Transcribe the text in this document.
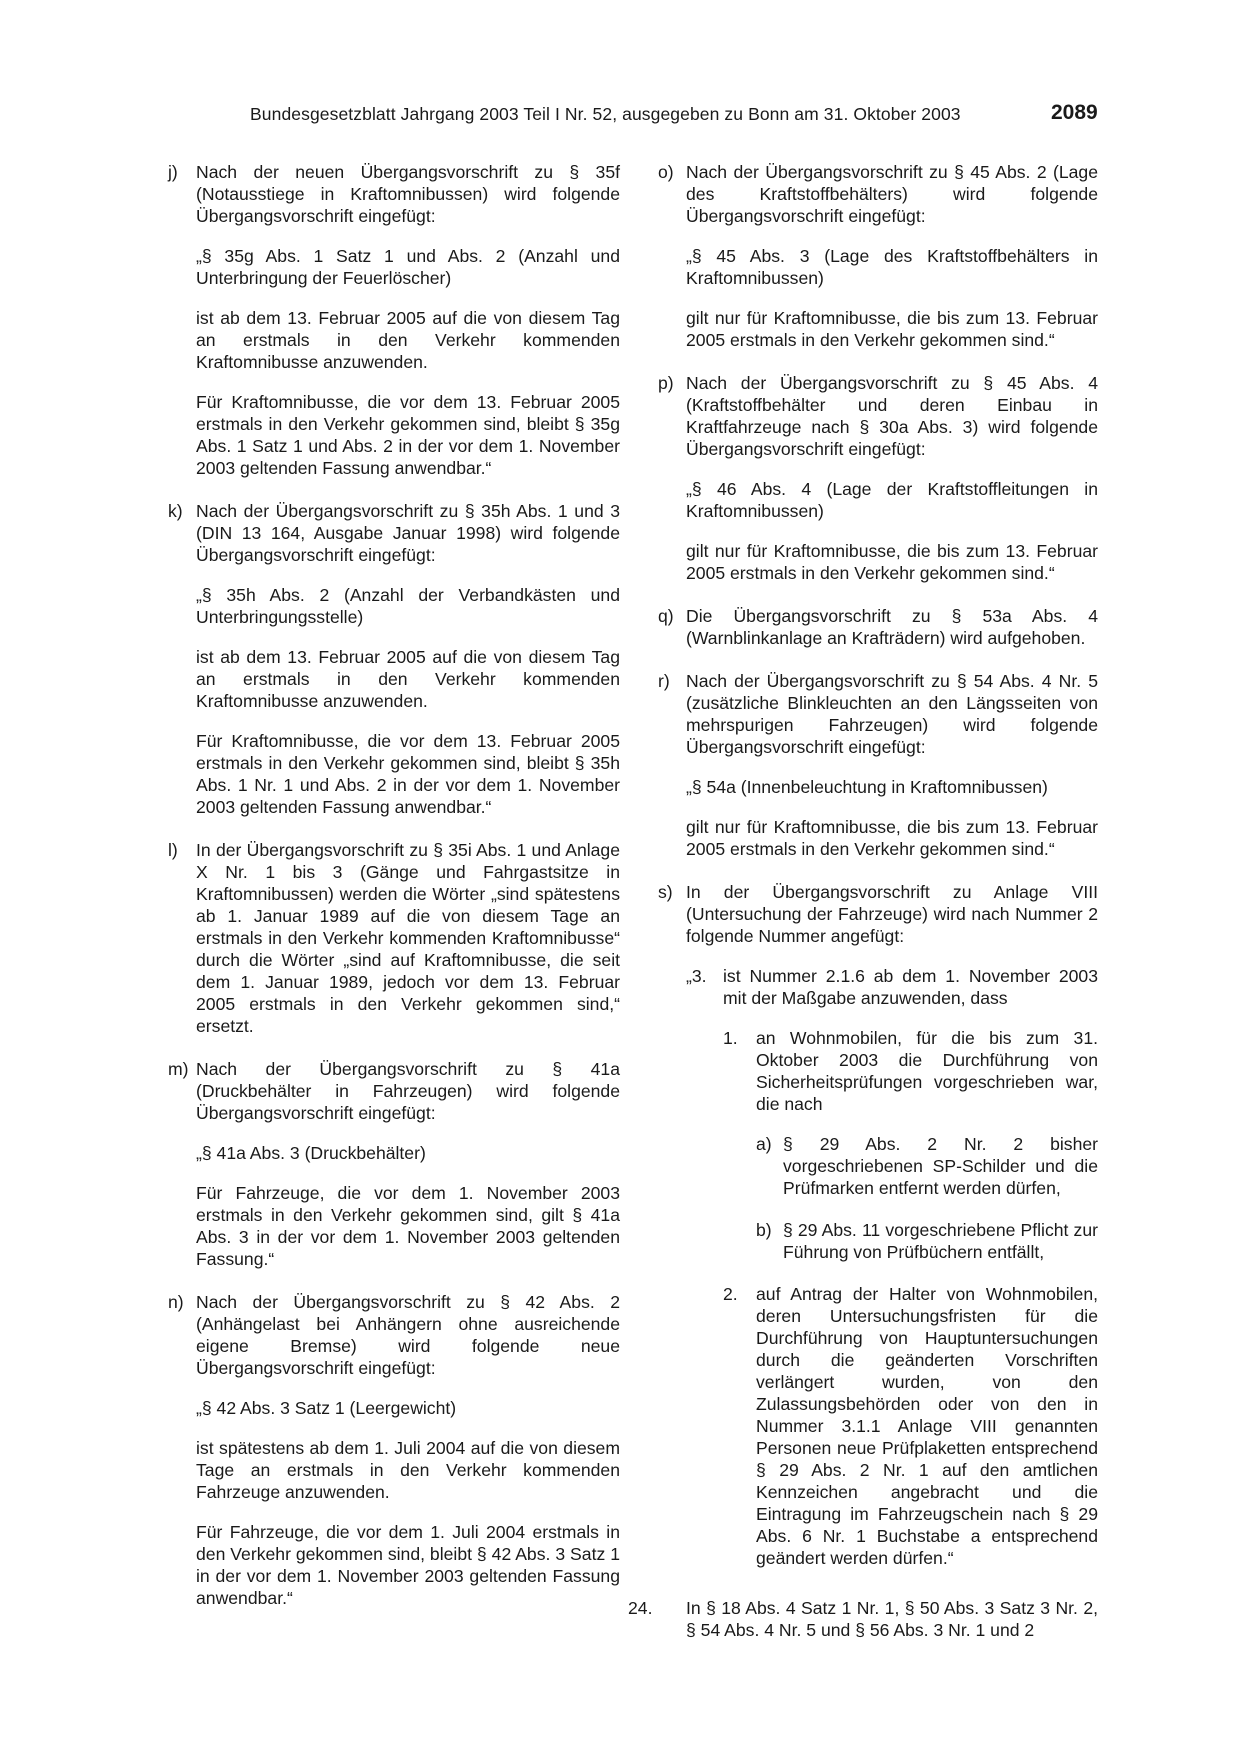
Bundesgesetzblatt Jahrgang 2003 Teil I Nr. 52, ausgegeben zu Bonn am 31. Oktober 2003	2089
j) Nach der neuen Übergangsvorschrift zu § 35f (Notausstiege in Kraftomnibussen) wird folgende Übergangsvorschrift eingefügt:

„§ 35g Abs. 1 Satz 1 und Abs. 2 (Anzahl und Unterbringung der Feuerlöscher)

ist ab dem 13. Februar 2005 auf die von diesem Tag an erstmals in den Verkehr kommenden Kraftomnibusse anzuwenden.

Für Kraftomnibusse, die vor dem 13. Februar 2005 erstmals in den Verkehr gekommen sind, bleibt § 35g Abs. 1 Satz 1 und Abs. 2 in der vor dem 1. November 2003 geltenden Fassung anwendbar.“

k) Nach der Übergangsvorschrift zu § 35h Abs. 1 und 3 (DIN 13 164, Ausgabe Januar 1998) wird folgende Übergangsvorschrift eingefügt:

„§ 35h Abs. 2 (Anzahl der Verbandkästen und Unterbringungsstelle)

ist ab dem 13. Februar 2005 auf die von diesem Tag an erstmals in den Verkehr kommenden Kraftomnibusse anzuwenden.

Für Kraftomnibusse, die vor dem 13. Februar 2005 erstmals in den Verkehr gekommen sind, bleibt § 35h Abs. 1 Nr. 1 und Abs. 2 in der vor dem 1. November 2003 geltenden Fassung anwendbar.“

l) In der Übergangsvorschrift zu § 35i Abs. 1 und Anlage X Nr. 1 bis 3 (Gänge und Fahrgastsitze in Kraftomnibussen) werden die Wörter „sind spätestens ab 1. Januar 1989 auf die von diesem Tage an erstmals in den Verkehr kommenden Kraftomnibusse“ durch die Wörter „sind auf Kraftomnibusse, die seit dem 1. Januar 1989, jedoch vor dem 13. Februar 2005 erstmals in den Verkehr gekommen sind,“ ersetzt.

m) Nach der Übergangsvorschrift zu § 41a (Druckbehälter in Fahrzeugen) wird folgende Übergangsvorschrift eingefügt:

„§ 41a Abs. 3 (Druckbehälter)

Für Fahrzeuge, die vor dem 1. November 2003 erstmals in den Verkehr gekommen sind, gilt § 41a Abs. 3 in der vor dem 1. November 2003 geltenden Fassung.“

n) Nach der Übergangsvorschrift zu § 42 Abs. 2 (Anhängelast bei Anhängern ohne ausreichende eigene Bremse) wird folgende neue Übergangsvorschrift eingefügt:

„§ 42 Abs. 3 Satz 1 (Leergewicht)

ist spätestens ab dem 1. Juli 2004 auf die von diesem Tage an erstmals in den Verkehr kommenden Fahrzeuge anzuwenden.

Für Fahrzeuge, die vor dem 1. Juli 2004 erstmals in den Verkehr gekommen sind, bleibt § 42 Abs. 3 Satz 1 in der vor dem 1. November 2003 geltenden Fassung anwendbar.“

o) Nach der Übergangsvorschrift zu § 45 Abs. 2 (Lage des Kraftstoffbehälters) wird folgende Übergangsvorschrift eingefügt:

„§ 45 Abs. 3 (Lage des Kraftstoffbehälters in Kraftomnibussen)

gilt nur für Kraftomnibusse, die bis zum 13. Februar 2005 erstmals in den Verkehr gekommen sind.“

p) Nach der Übergangsvorschrift zu § 45 Abs. 4 (Kraftstoffbehälter und deren Einbau in Kraftfahrzeuge nach § 30a Abs. 3) wird folgende Übergangsvorschrift eingefügt:

„§ 46 Abs. 4 (Lage der Kraftstoffleitungen in Kraftomnibussen)

gilt nur für Kraftomnibusse, die bis zum 13. Februar 2005 erstmals in den Verkehr gekommen sind.“

q) Die Übergangsvorschrift zu § 53a Abs. 4 (Warnblinkanlage an Krafträdern) wird aufgehoben.

r) Nach der Übergangsvorschrift zu § 54 Abs. 4 Nr. 5 (zusätzliche Blinkleuchten an den Längsseiten von mehrspurigen Fahrzeugen) wird folgende Übergangsvorschrift eingefügt:

„§ 54a (Innenbeleuchtung in Kraftomnibussen)

gilt nur für Kraftomnibusse, die bis zum 13. Februar 2005 erstmals in den Verkehr gekommen sind.“

s) In der Übergangsvorschrift zu Anlage VIII (Untersuchung der Fahrzeuge) wird nach Nummer 2 folgende Nummer angefügt:

„3. ist Nummer 2.1.6 ab dem 1. November 2003 mit der Maßgabe anzuwenden, dass

1. an Wohnmobilen, für die bis zum 31. Oktober 2003 die Durchführung von Sicherheitsprüfungen vorgeschrieben war, die nach

a) § 29 Abs. 2 Nr. 2 bisher vorgeschriebenen SP-Schilder und die Prüfmarken entfernt werden dürfen,

b) § 29 Abs. 11 vorgeschriebene Pflicht zur Führung von Prüfbüchern entfällt,

2. auf Antrag der Halter von Wohnmobilen, deren Untersuchungsfristen für die Durchführung von Hauptuntersuchungen durch die geänderten Vorschriften verlängert wurden, von den Zulassungsbehörden oder von den in Nummer 3.1.1 Anlage VIII genannten Personen neue Prüfplaketten entsprechend § 29 Abs. 2 Nr. 1 auf den amtlichen Kennzeichen angebracht und die Eintragung im Fahrzeugschein nach § 29 Abs. 6 Nr. 1 Buchstabe a entsprechend geändert werden dürfen.“

24. In § 18 Abs. 4 Satz 1 Nr. 1, § 50 Abs. 3 Satz 3 Nr. 2, § 54 Abs. 4 Nr. 5 und § 56 Abs. 3 Nr. 1 und 2
